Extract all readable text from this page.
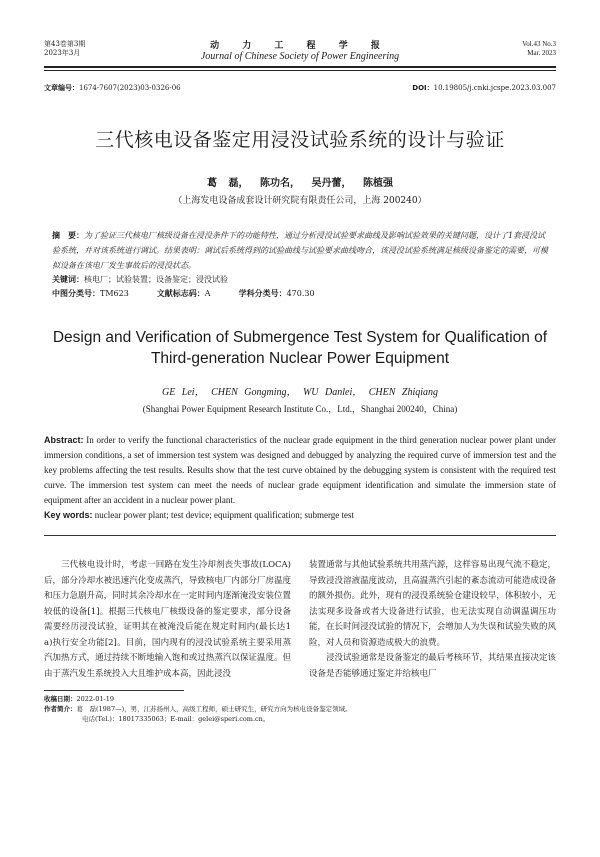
第43卷第3期
2023年3月
动 力 工 程 学 报
Journal of Chinese Society of Power Engineering
Vol.43 No.3
Mar. 2023
文章编号：1674-7607(2023)03-0326-06	DOI：10.19805/j.cnki.jcspe.2023.03.007
三代核电设备鉴定用浸没试验系统的设计与验证
葛 磊， 陈功名， 吴丹蕾， 陈植强
（上海发电设备成套设计研究院有限责任公司，上海 200240）
摘　要：为了验证三代核电厂核级设备在浸没条件下的功能特性，通过分析浸没试验要求曲线及影响试验效果的关键问题，设计了1套浸没试验系统，并对该系统进行调试。结果表明：调试后系统得到的试验曲线与试验要求曲线吻合，该浸没试验系统满足核级设备鉴定的需要，可模拟设备在该电厂发生事故后的浸没状态。
关键词：核电厂；试验装置；设备鉴定；浸没试验
中图分类号：TM623	文献标志码：A	学科分类号：470.30
Design and Verification of Submergence Test System for Qualification of Third-generation Nuclear Power Equipment
GE Lei， CHEN Gongming， WU Danlei， CHEN Zhiqiang
(Shanghai Power Equipment Research Institute Co.，Ltd.，Shanghai 200240，China)
Abstract: In order to verify the functional characteristics of the nuclear grade equipment in the third generation nuclear power plant under immersion conditions, a set of immersion test system was designed and debugged by analyzing the required curve of immersion test and the key problems affecting the test results. Results show that the test curve obtained by the debugging system is consistent with the required test curve. The immersion test system can meet the needs of nuclear grade equipment identification and simulate the immersion state of equipment after an accident in a nuclear power plant.
Key words: nuclear power plant; test device; equipment qualification; submerge test

三代核电设计时，考虑一回路在发生冷却剂丧失事故(LOCA)后，部分冷却水被迅速汽化变成蒸汽，导致核电厂内部分厂房温度和压力急剧升高，同时其余冷却水在一定时间内逐渐淹没安装位置较低的设备[1]。根据三代核电厂核级设备的鉴定要求，部分设备需要经历浸没试验，证明其在被淹没后能在规定时间内(最长达1 a)执行安全功能[2]。目前，国内现有的浸没试验系统主要采用蒸汽加热方式，通过持续不断地输入饱和或过热蒸汽以保证温度。但由于蒸汽发生系统投入大且维护成本高，因此浸没

装置通常与其他试验系统共用蒸汽源，这样容易出现气流不稳定，导致浸没溶液温度波动，且高温蒸汽引起的紊态流动可能造成设备的额外损伤。此外，现有的浸没系统验仓建设较早，体积较小，无法实现多设备或者大设备进行试验，也无法实现自动调温调压功能，在长时间浸没试验的情况下，会增加人为失误和试验失败的风险，对人员和资源造成极大的浪费。

浸没试验通常是设备鉴定的最后考核环节，其结果直接决定该设备是否能够通过鉴定并给核电厂

收稿日期：2022-01-19
作者简介：葛　磊(1987—)，男，江苏扬州人，高级工程师，硕士研究生，研究方向为核电设备鉴定领域。
电话(Tel.)：18017335063；E-mail：gelei@speri.com.cn。
